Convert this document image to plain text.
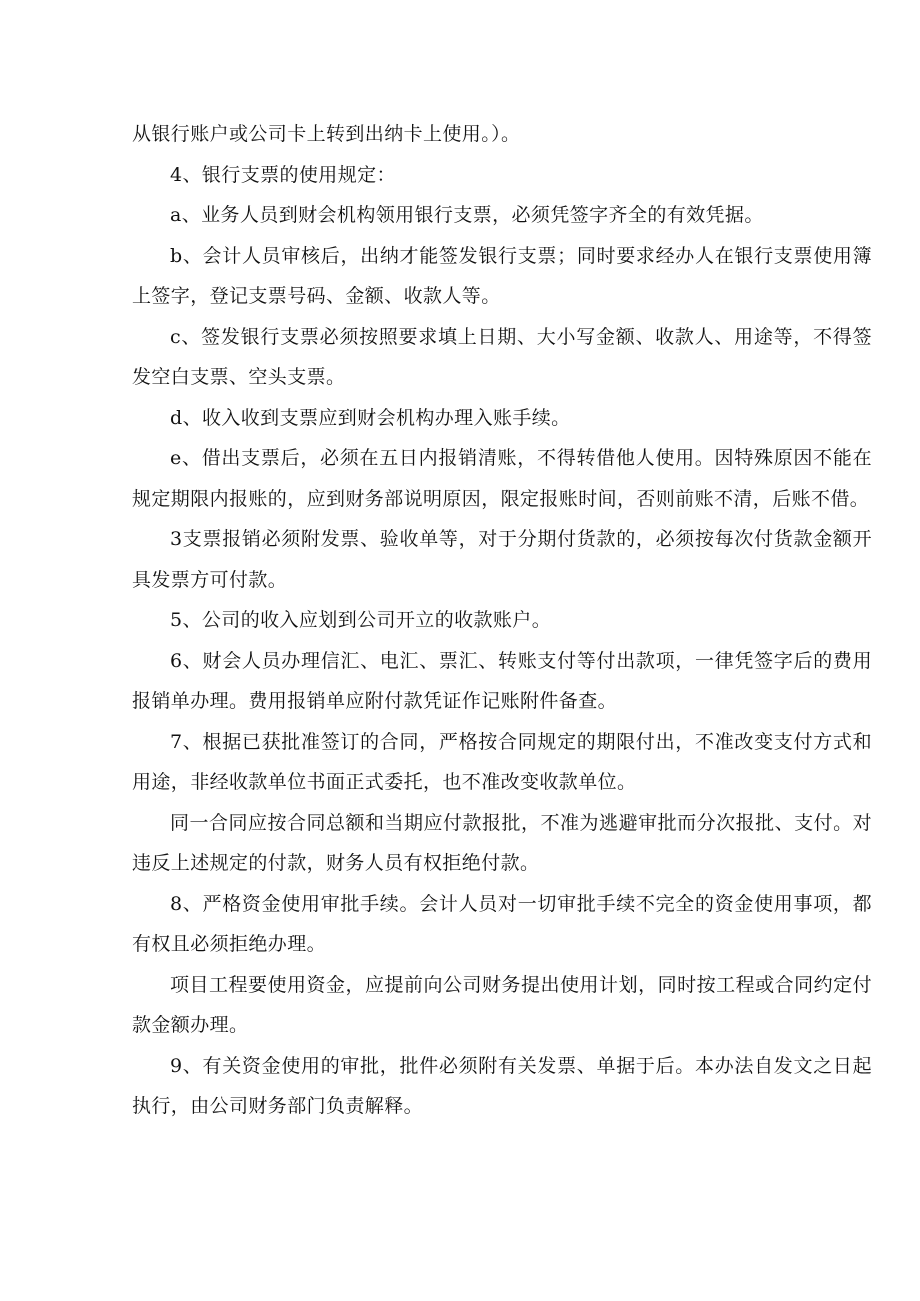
从银行账户或公司卡上转到出纳卡上使用。）。

4、银行支票的使用规定：

a、业务人员到财会机构领用银行支票，必须凭签字齐全的有效凭据。

b、会计人员审核后，出纳才能签发银行支票；同时要求经办人在银行支票使用簿上签字，登记支票号码、金额、收款人等。

c、签发银行支票必须按照要求填上日期、大小写金额、收款人、用途等，不得签发空白支票、空头支票。

d、收入收到支票应到财会机构办理入账手续。

e、借出支票后，必须在五日内报销清账，不得转借他人使用。因特殊原因不能在规定期限内报账的，应到财务部说明原因，限定报账时间，否则前账不清，后账不借。

3支票报销必须附发票、验收单等，对于分期付货款的，必须按每次付货款金额开具发票方可付款。

5、公司的收入应划到公司开立的收款账户。

6、财会人员办理信汇、电汇、票汇、转账支付等付出款项，一律凭签字后的费用报销单办理。费用报销单应附付款凭证作记账附件备查。

7、根据已获批准签订的合同，严格按合同规定的期限付出，不准改变支付方式和用途，非经收款单位书面正式委托，也不准改变收款单位。

同一合同应按合同总额和当期应付款报批，不准为逃避审批而分次报批、支付。对违反上述规定的付款，财务人员有权拒绝付款。

8、严格资金使用审批手续。会计人员对一切审批手续不完全的资金使用事项，都有权且必须拒绝办理。

项目工程要使用资金，应提前向公司财务提出使用计划，同时按工程或合同约定付款金额办理。

9、有关资金使用的审批，批件必须附有关发票、单据于后。本办法自发文之日起执行，由公司财务部门负责解释。
